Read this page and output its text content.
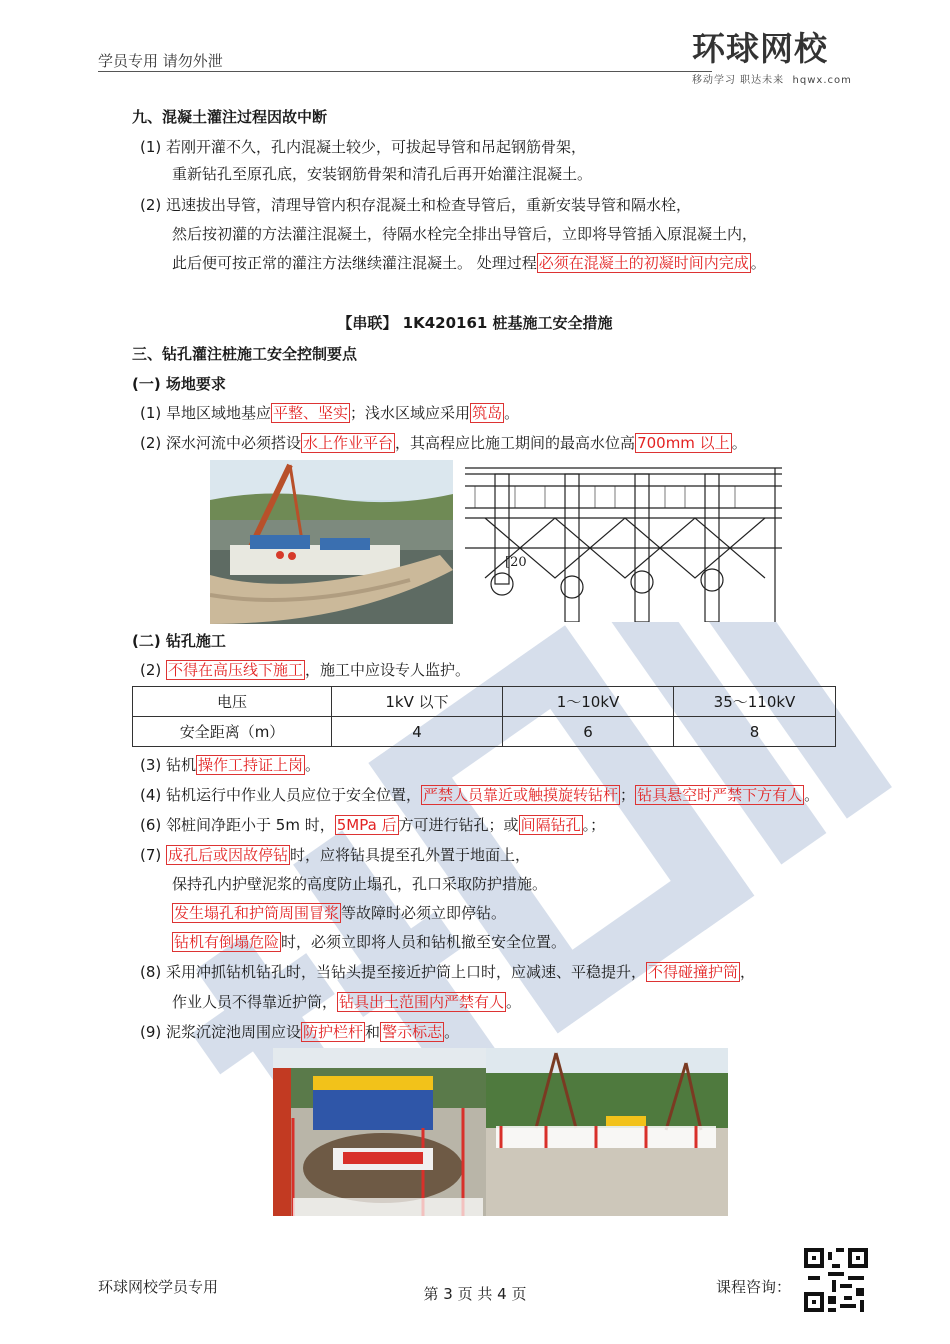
学员专用 请勿外泄	环球网校
移动学习 职达未来 hqwx.com
九、混凝土灌注过程因故中断
(1) 若刚开灌不久，孔内混凝土较少，可拔起导管和吊起钢筋骨架，
重新钻孔至原孔底，安装钢筋骨架和清孔后再开始灌注混凝土。
(2) 迅速拔出导管，清理导管内积存混凝土和检查导管后，重新安装导管和隔水栓，
然后按初灌的方法灌注混凝土，待隔水栓完全排出导管后，立即将导管插入原混凝土内，
此后便可按正常的灌注方法继续灌注混凝土。 处理过程 必须在混凝土的初凝时间内完成 。
【串联】 1K420161 桩基施工安全措施
三、钻孔灌注桩施工安全控制要点
(一) 场地要求
(1) 旱地区域地基应 平整、坚实 ；浅水区域应采用 筑岛 。
(2) 深水河流中必须搭设 水上作业平台 ，其高程应比施工期间的最高水位高 700mm 以上 。
[20
(二) 钻孔施工
(2) 不得在高压线下施工 ，施工中应设专人监护。
电压	1kV 以下	1～10kV	35～110kV
安全距离（m）	4	6	8
(3) 钻机 操作工持证上岗 。
(4) 钻机运行中作业人员应位于安全位置， 严禁人员靠近或触摸旋转钻杆 ； 钻具悬空时严禁下方有人 。
(6) 邻桩间净距小于 5m 时， 5MPa 后 方可进行钻孔；或 间隔钻孔 。；
(7) 成孔后或因故停钻 时，应将钻具提至孔外置于地面上，
保持孔内护壁泥浆的高度防止塌孔，孔口采取防护措施。
发生塌孔和护筒周围冒浆 等故障时必须立即停钻。
钻机有倒塌危险 时，必须立即将人员和钻机撤至安全位置。
(8) 采用冲抓钻机钻孔时，当钻头提至接近护筒上口时，应减速、平稳提升， 不得碰撞护筒 ，
作业人员不得靠近护筒， 钻具出土范围内严禁有人 。
(9) 泥浆沉淀池周围应设 防护栏杆 和 警示标志 。
环球网校学员专用	第 3 页 共 4 页	课程咨询：
